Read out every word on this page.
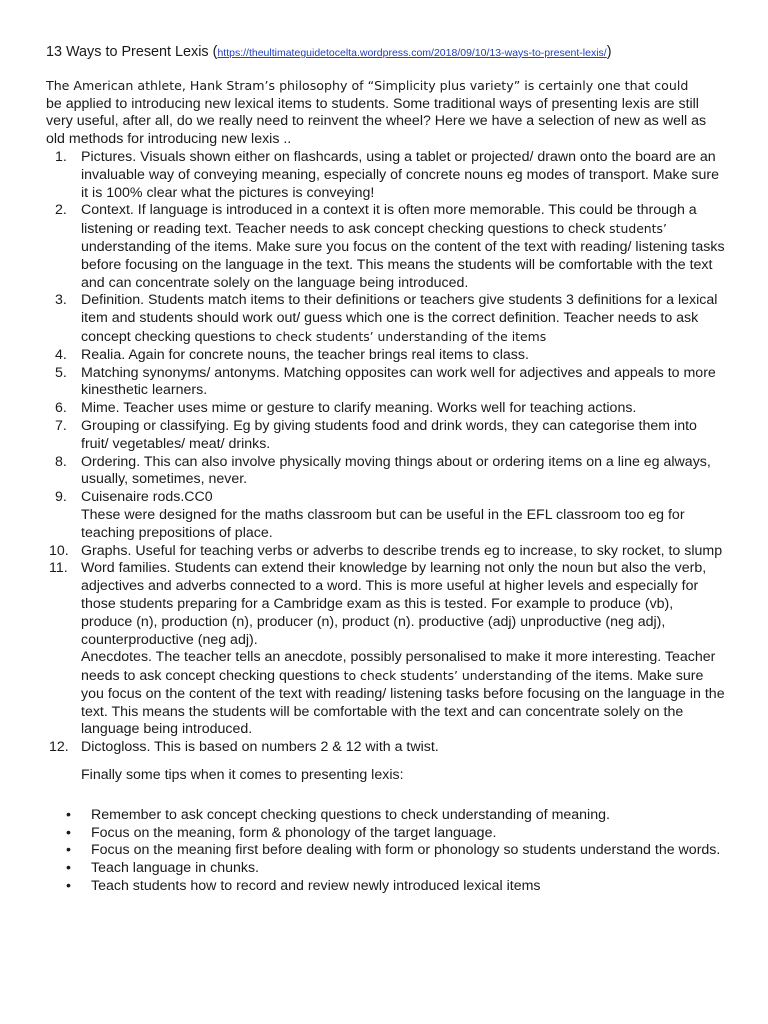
13 Ways to Present Lexis (https://theultimateguidetocelta.wordpress.com/2018/09/10/13-ways-to-present-lexis/)

The American athlete, Hank Stram’s philosophy of “Simplicity plus variety” is certainly one that could
be applied to introducing new lexical items to students. Some traditional ways of presenting lexis are still very useful, after all, do we really need to reinvent the wheel? Here we have a selection of new as well as old methods for introducing new lexis ..

1. Pictures. Visuals shown either on flashcards, using a tablet or projected/ drawn onto the board are an invaluable way of conveying meaning, especially of concrete nouns eg modes of transport. Make sure it is 100% clear what the pictures is conveying!
2. Context. If language is introduced in a context it is often more memorable. This could be through a listening or reading text. Teacher needs to ask concept checking questions to check students’ understanding of the items. Make sure you focus on the content of the text with reading/ listening tasks before focusing on the language in the text. This means the students will be comfortable with the text and can concentrate solely on the language being introduced.
3. Definition. Students match items to their definitions or teachers give students 3 definitions for a lexical item and students should work out/ guess which one is the correct definition. Teacher needs to ask concept checking questions to check students’ understanding of the items
4. Realia. Again for concrete nouns, the teacher brings real items to class.
5. Matching synonyms/ antonyms. Matching opposites can work well for adjectives and appeals to more kinesthetic learners.
6. Mime. Teacher uses mime or gesture to clarify meaning. Works well for teaching actions.
7. Grouping or classifying. Eg by giving students food and drink words, they can categorise them into fruit/ vegetables/ meat/ drinks.
8. Ordering. This can also involve physically moving things about or ordering items on a line eg always, usually, sometimes, never.
9. Cuisenaire rods.CC0

These were designed for the maths classroom but can be useful in the EFL classroom too eg for teaching prepositions of place.

10. Graphs. Useful for teaching verbs or adverbs to describe trends eg to increase, to sky rocket, to slump
11. Word families. Students can extend their knowledge by learning not only the noun but also the verb, adjectives and adverbs connected to a word. This is more useful at higher levels and especially for those students preparing for a Cambridge exam as this is tested. For example to produce (vb), produce (n), production (n), producer (n), product (n). productive (adj) unproductive (neg adj), counterproductive (neg adj).

Anecdotes. The teacher tells an anecdote, possibly personalised to make it more interesting. Teacher needs to ask concept checking questions to check students’ understanding of the items. Make sure you focus on the content of the text with reading/ listening tasks before focusing on the language in the text. This means the students will be comfortable with the text and can concentrate solely on the language being introduced.

12. Dictogloss. This is based on numbers 2 & 12 with a twist.

Finally some tips when it comes to presenting lexis:

• Remember to ask concept checking questions to check understanding of meaning.
• Focus on the meaning, form & phonology of the target language.
• Focus on the meaning first before dealing with form or phonology so students understand the words.
• Teach language in chunks.
• Teach students how to record and review newly introduced lexical items
